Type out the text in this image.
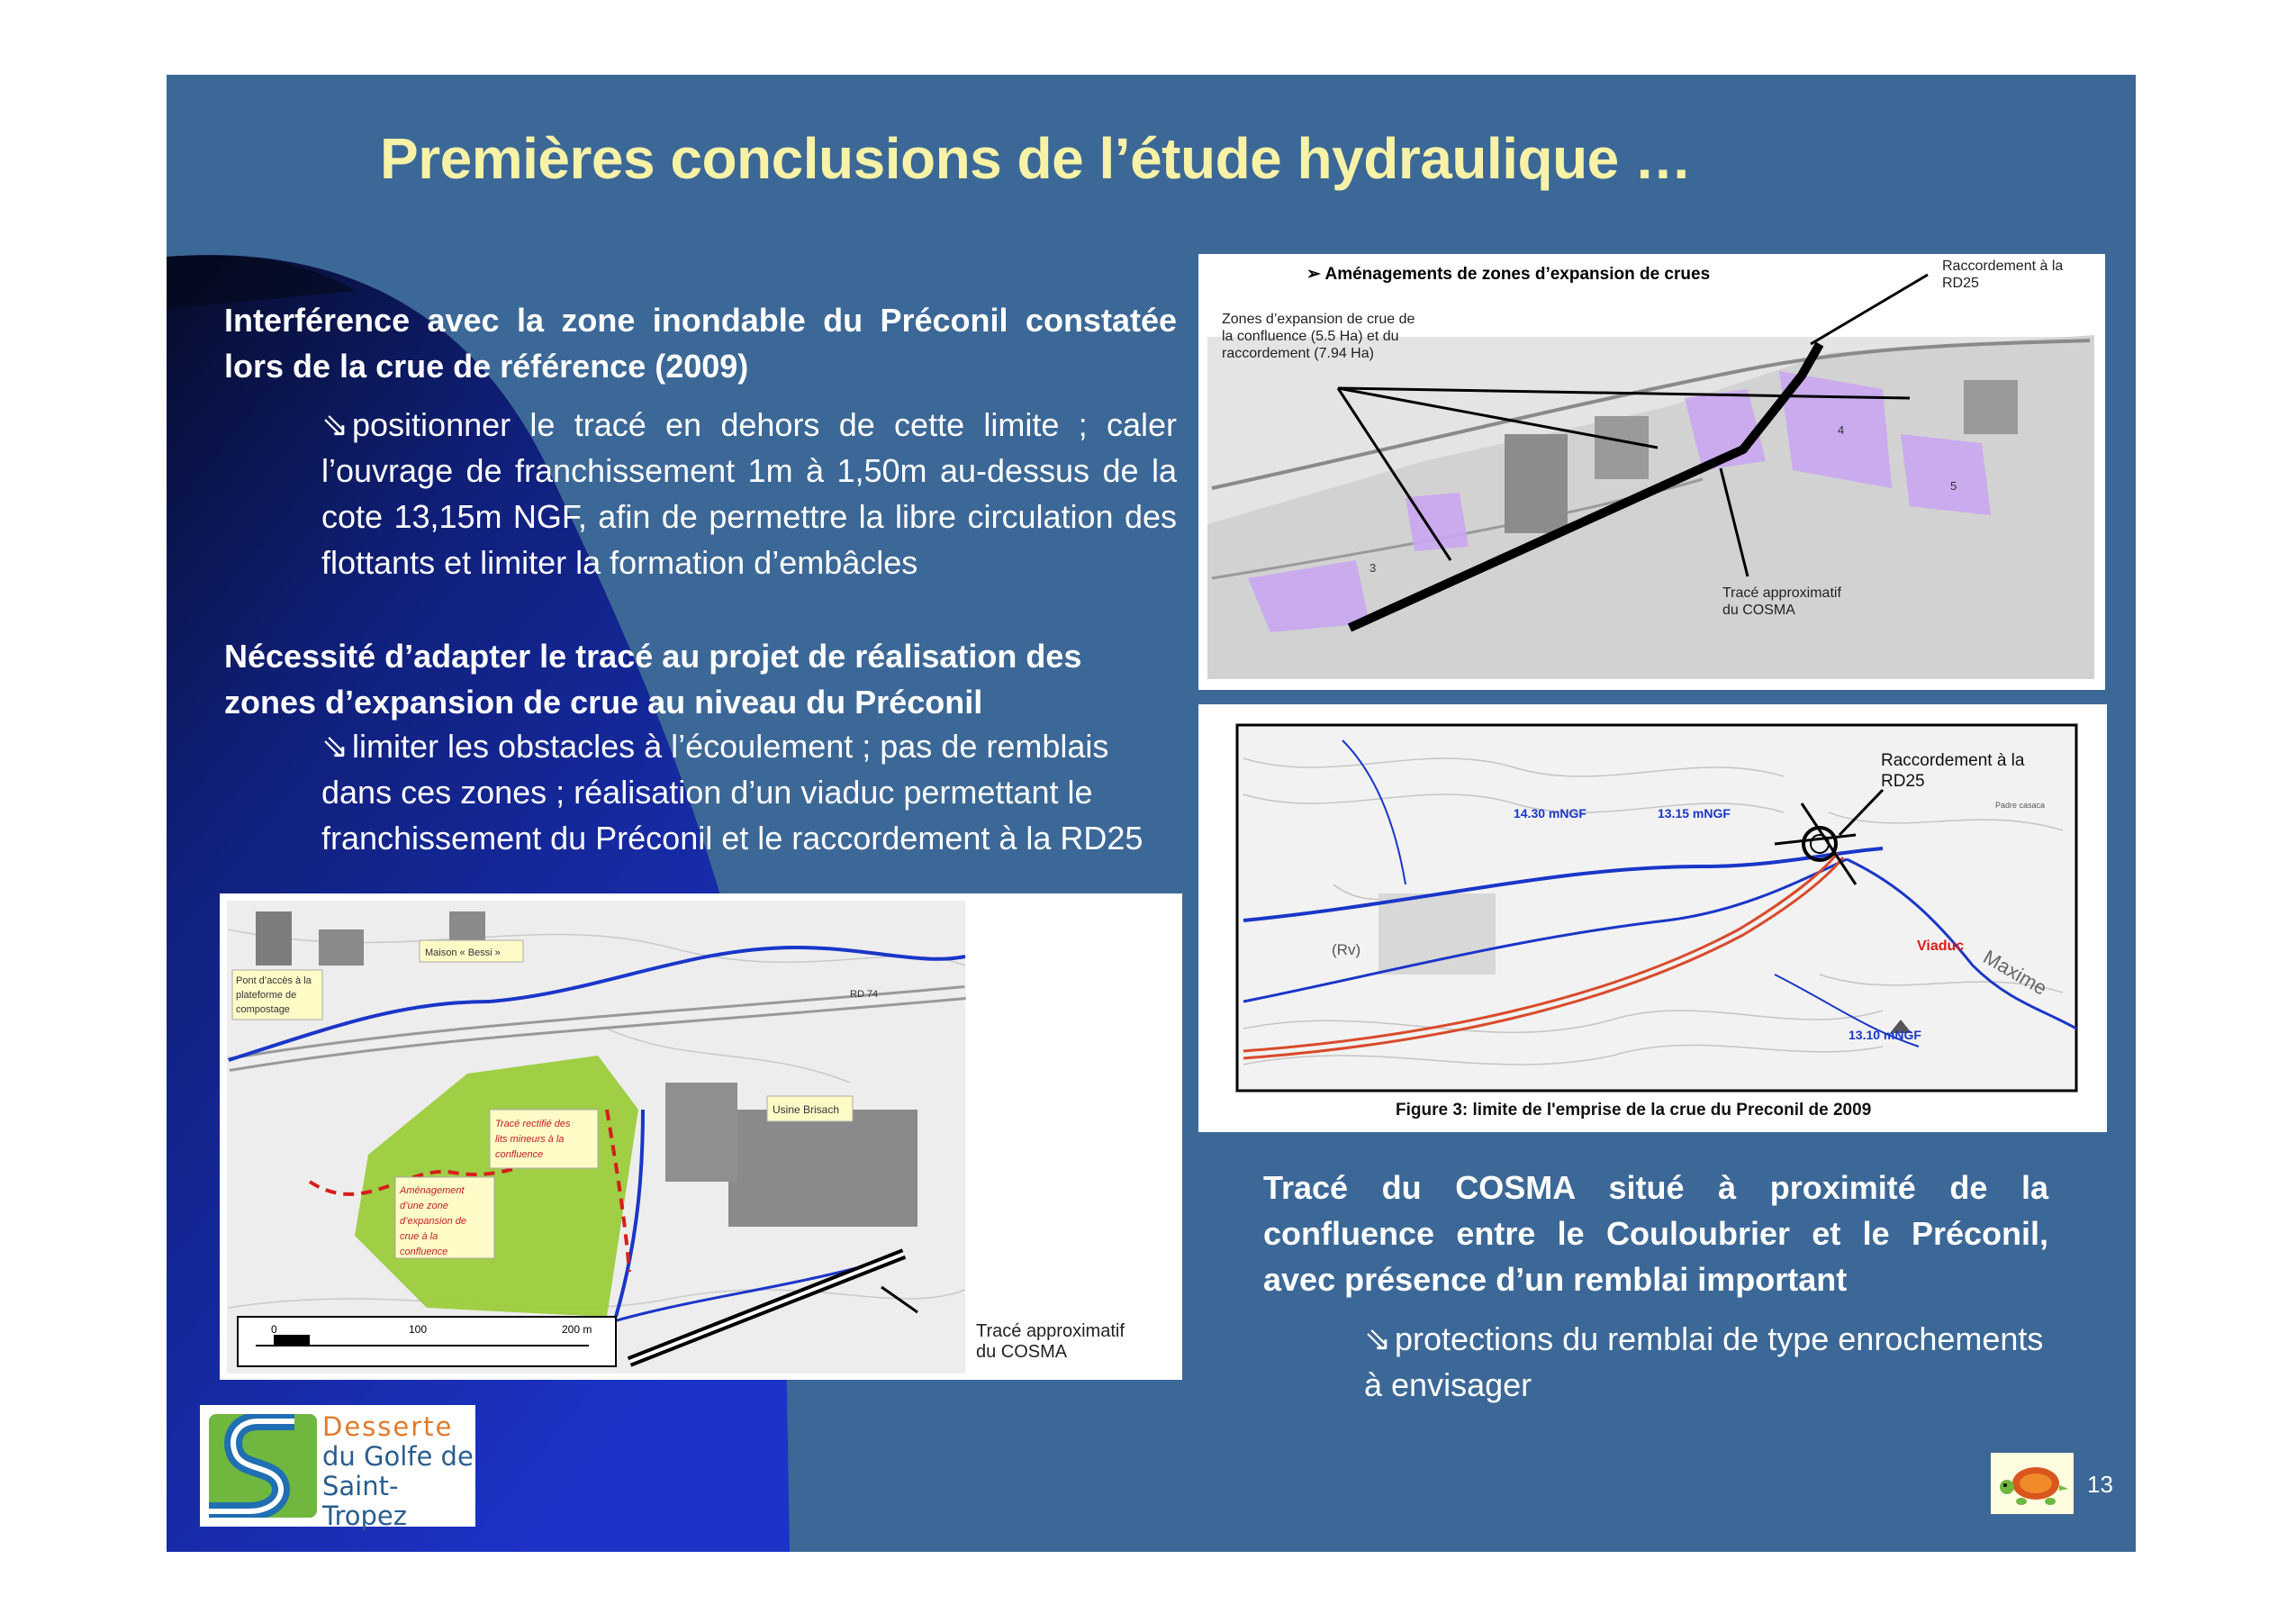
Premières conclusions de l’étude hydraulique …
Interférence avec la zone inondable du Préconil constatée lors de la crue de référence (2009)
⇘ positionner le tracé en dehors de cette limite ; caler l’ouvrage de franchissement 1m à 1,50m au-dessus de la cote 13,15m NGF, afin de permettre la libre circulation des flottants et limiter la formation d’embâcles
Nécessité d’adapter le tracé au projet de réalisation des zones d’expansion de crue au niveau du Préconil
⇘ limiter les obstacles à l’écoulement ; pas de remblais dans ces zones ; réalisation d’un viaduc permettant le franchissement du Préconil et le raccordement à la RD25
Tracé du COSMA situé à proximité de la confluence entre le Couloubrier et le Préconil, avec présence d’un remblai important
⇘ protections du remblai de type enrochements à envisager
➢ Aménagements de zones d’expansion de crues
Zones d’expansion de crue de
la confluence (5.5 Ha) et du
raccordement (7.94 Ha)
Raccordement à la
RD25
Tracé approximatif
du COSMA
3
4
5
Raccordement à la
RD25
14.30 mNGF	13.15 mNGF
13.10 mNGF
Viaduc Maxime
(Rv)
Padre casaca
Figure 3: limite de l'emprise de la crue du Preconil de 2009
0	100	200 m
Pont d’accès à la
plateforme de
compostage
Maison « Bessi »
RD 74
Usine Brisach
Tracé rectifié des
lits mineurs à la
confluence
Aménagement
d’une zone
d’expansion de
crue à la
confluence
Tracé approximatif
du COSMA
Desserte
du Golfe de
Saint-Tropez
13
